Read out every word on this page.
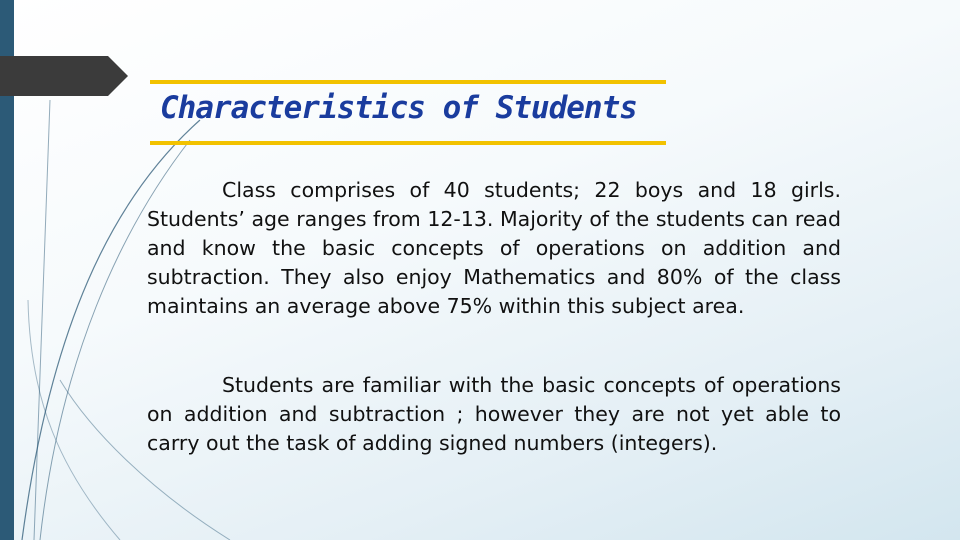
Characteristics of Students

Class comprises of 40 students; 22 boys and 18 girls. Students’ age ranges from 12-13. Majority of the students can read and know the basic concepts of operations on addition and subtraction. They also enjoy Mathematics and 80% of the class maintains an average above 75% within this subject area.

Students are familiar with the basic concepts of operations on addition and subtraction ; however they are not yet able to carry out the task of adding signed numbers (integers).
